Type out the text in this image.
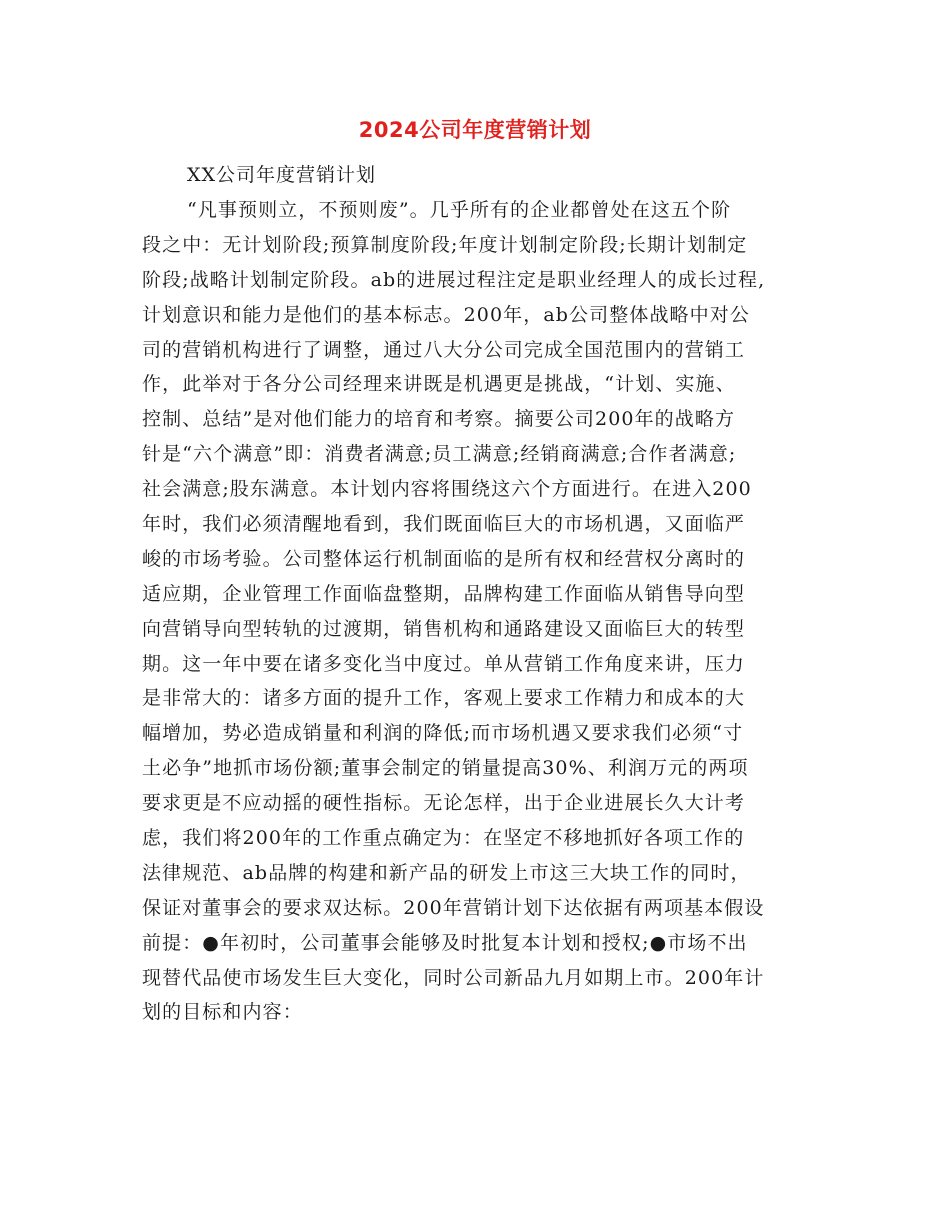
2024公司年度营销计划
XX公司年度营销计划
“凡事预则立，不预则废”。几乎所有的企业都曾处在这五个阶
段之中：无计划阶段;预算制度阶段;年度计划制定阶段;长期计划制定
阶段;战略计划制定阶段。ab的进展过程注定是职业经理人的成长过程,
计划意识和能力是他们的基本标志。200年，ab公司整体战略中对公
司的营销机构进行了调整，通过八大分公司完成全国范围内的营销工
作，此举对于各分公司经理来讲既是机遇更是挑战，“计划、实施、
控制、总结”是对他们能力的培育和考察。摘要公司200年的战略方
针是“六个满意”即：消费者满意;员工满意;经销商满意;合作者满意;
社会满意;股东满意。本计划内容将围绕这六个方面进行。在进入200
年时，我们必须清醒地看到，我们既面临巨大的市场机遇，又面临严
峻的市场考验。公司整体运行机制面临的是所有权和经营权分离时的
适应期，企业管理工作面临盘整期，品牌构建工作面临从销售导向型
向营销导向型转轨的过渡期，销售机构和通路建设又面临巨大的转型
期。这一年中要在诸多变化当中度过。单从营销工作角度来讲，压力
是非常大的：诸多方面的提升工作，客观上要求工作精力和成本的大
幅增加，势必造成销量和利润的降低;而市场机遇又要求我们必须“寸
土必争”地抓市场份额;董事会制定的销量提高30%、利润万元的两项
要求更是不应动摇的硬性指标。无论怎样，出于企业进展长久大计考
虑，我们将200年的工作重点确定为：在坚定不移地抓好各项工作的
法律规范、ab品牌的构建和新产品的研发上市这三大块工作的同时，
保证对董事会的要求双达标。200年营销计划下达依据有两项基本假设
前提：●年初时，公司董事会能够及时批复本计划和授权;●市场不出
现替代品使市场发生巨大变化，同时公司新品九月如期上市。200年计
划的目标和内容：
